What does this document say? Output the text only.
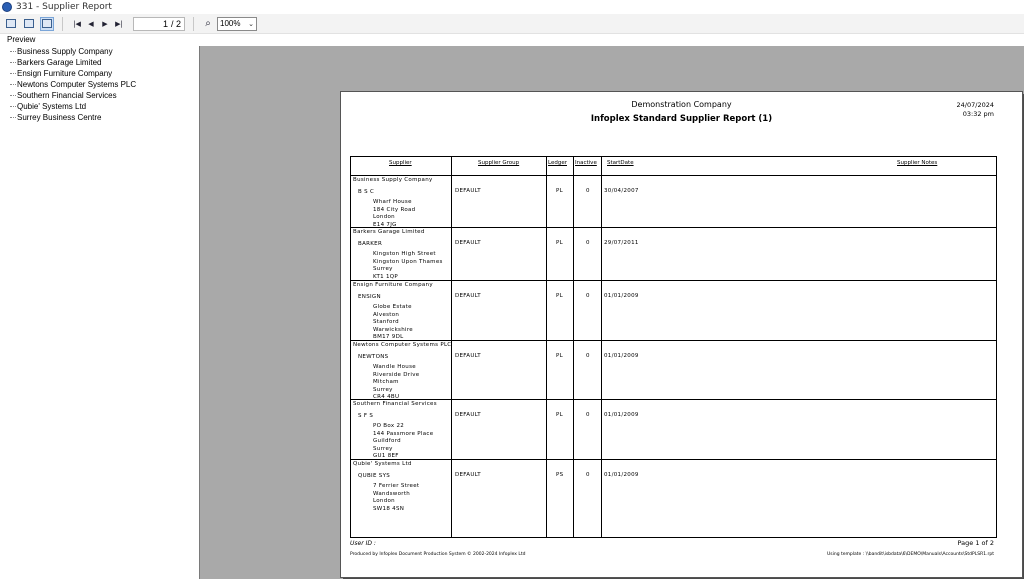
331 - Supplier Report
|◀	◀	▶	▶|	1 / 2	⌕	100% ⌄
Preview
Business Supply Company
Barkers Garage Limited
Ensign Furniture Company
Newtons Computer Systems PLC
Southern Financial Services
Qubie' Systems Ltd
Surrey Business Centre
Demonstration Company
Infoplex Standard Supplier Report (1)
24/07/2024
03:32 pm
Supplier	Supplier Group	Ledger Inactive StartDate	Supplier Notes
Business Supply Company
B S C
Wharf House
184 City Road
London
E14 7JG
DEFAULT	PL	0	30/04/2007
Barkers Garage Limited
BARKER
Kingston High Street
Kingston Upon Thames
Surrey
KT1 1QP
DEFAULT	PL	0	29/07/2011
Ensign Furniture Company
ENSIGN
Globe Estate
Alveston
Stanford
Warwickshire
BM17 9DL
DEFAULT	PL	0	01/01/2009
Newtons Computer Systems PLC
NEWTONS
Wandle House
Riverside Drive
Mitcham
Surrey
CR4 4BU
DEFAULT	PL	0	01/01/2009
Southern Financial Services
S F S
PO Box 22
144 Passmore Place
Guildford
Surrey
GU1 8EF
DEFAULT	PL	0	01/01/2009
Qubie' Systems Ltd
QUBIE SYS
7 Ferrier Street
Wandsworth
London
SW18 4SN
DEFAULT	PS	0	01/01/2009
User ID :	Page 1 of 2
Produced by Infoplex Document Production System © 2002-2024 Infoplex Ltd	Using template : \\bandit\isbdata\6\DEMO\Manuals\Accounts\StdPLSR1.rpt
